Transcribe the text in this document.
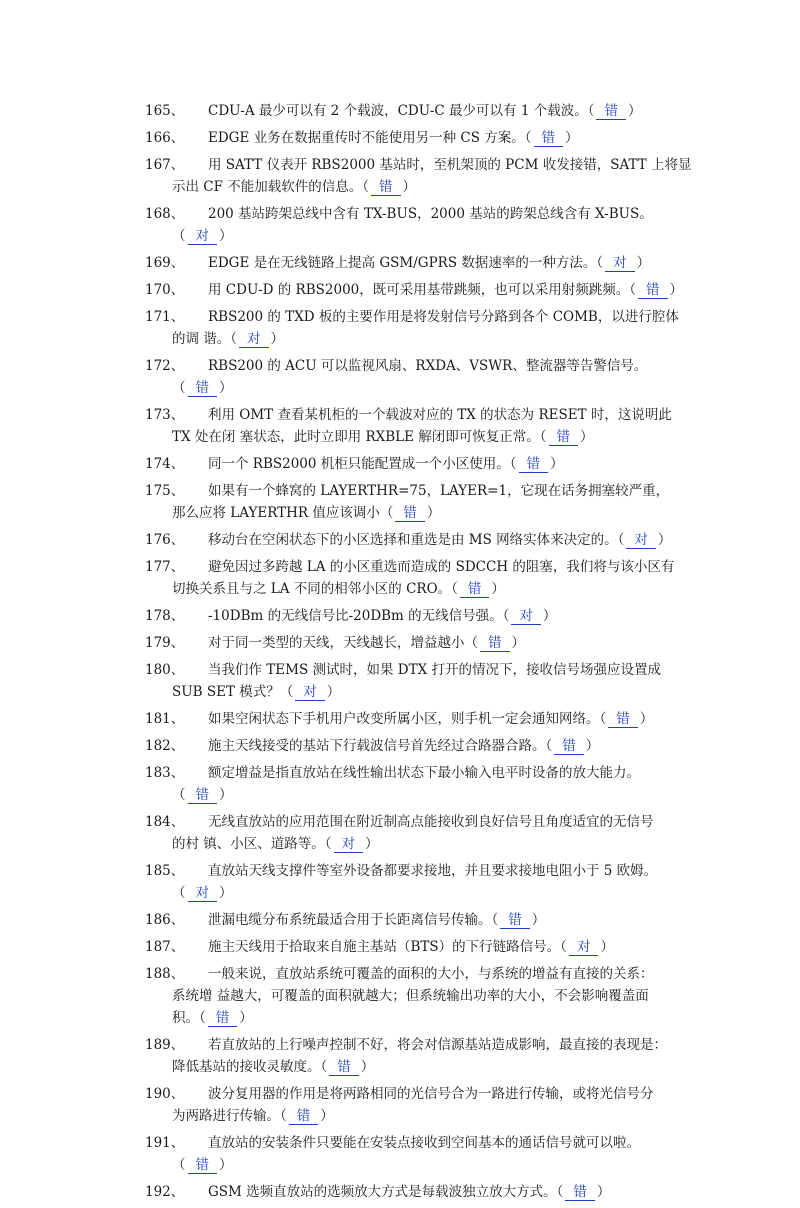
165、	CDU-A 最少可以有 2 个载波，CDU-C 最少可以有 1 个载波。（ 错 ）
166、	EDGE 业务在数据重传时不能使用另一种 CS 方案。（ 错 ）
167、	用 SATT 仪表开 RBS2000 基站时，至机架顶的 PCM 收发接错，SATT 上将显
示出 CF 不能加载软件的信息。（ 错 ）
168、	200 基站跨架总线中含有 TX-BUS，2000 基站的跨架总线含有 X-BUS。
（ 对 ）
169、	EDGE 是在无线链路上提高 GSM/GPRS 数据速率的一种方法。（ 对 ）
170、	用 CDU-D 的 RBS2000，既可采用基带跳频，也可以采用射频跳频。（ 错 ）
171、	RBS200 的 TXD 板的主要作用是将发射信号分路到各个 COMB，以进行腔体
的调 谐。（ 对 ）
172、	RBS200 的 ACU 可以监视风扇、RXDA、VSWR、整流器等告警信号。
（ 错 ）
173、	利用 OMT 查看某机柜的一个载波对应的 TX 的状态为 RESET 时，这说明此
TX 处在闭 塞状态，此时立即用 RXBLE 解闭即可恢复正常。（ 错 ）
174、	同一个 RBS2000 机柜只能配置成一个小区使用。（ 错 ）
175、	如果有一个蜂窝的 LAYERTHR=75，LAYER=1，它现在话务拥塞较严重，
那么应将 LAYERTHR 值应该调小（ 错 ）
176、	移动台在空闲状态下的小区选择和重选是由 MS 网络实体来决定的。（ 对 ）
177、	避免因过多跨越 LA 的小区重选而造成的 SDCCH 的阻塞，我们将与该小区有
切换关系且与之 LA 不同的相邻小区的 CRO。（ 错 ）
178、	-10DBm 的无线信号比-20DBm 的无线信号强。（ 对 ）
179、	对于同一类型的天线，天线越长，增益越小（ 错 ）
180、	当我们作 TEMS 测试时，如果 DTX 打开的情况下，接收信号场强应设置成
SUB SET 模式？（ 对 ）
181、	如果空闲状态下手机用户改变所属小区，则手机一定会通知网络。（ 错 ）
182、	施主天线接受的基站下行载波信号首先经过合路器合路。（ 错 ）
183、	额定增益是指直放站在线性输出状态下最小输入电平时设备的放大能力。
（ 错 ）
184、	无线直放站的应用范围在附近制高点能接收到良好信号且角度适宜的无信号
的村 镇、小区、道路等。（ 对 ）
185、	直放站天线支撑件等室外设备都要求接地，并且要求接地电阻小于 5 欧姆。
（ 对 ）
186、	泄漏电缆分布系统最适合用于长距离信号传输。（ 错 ）
187、	施主天线用于拾取来自施主基站（BTS）的下行链路信号。（ 对 ）
188、	一般来说，直放站系统可覆盖的面积的大小，与系统的增益有直接的关系：
系统增 益越大，可覆盖的面积就越大；但系统输出功率的大小，不会影响覆盖面
积。（ 错 ）
189、	若直放站的上行噪声控制不好，将会对信源基站造成影响，最直接的表现是：
降低基站的接收灵敏度。（ 错 ）
190、	波分复用器的作用是将两路相同的光信号合为一路进行传输，或将光信号分
为两路进行传输。（ 错 ）
191、	直放站的安装条件只要能在安装点接收到空间基本的通话信号就可以啦。
（ 错 ）
192、	GSM 选频直放站的选频放大方式是每载波独立放大方式。（ 错 ）
